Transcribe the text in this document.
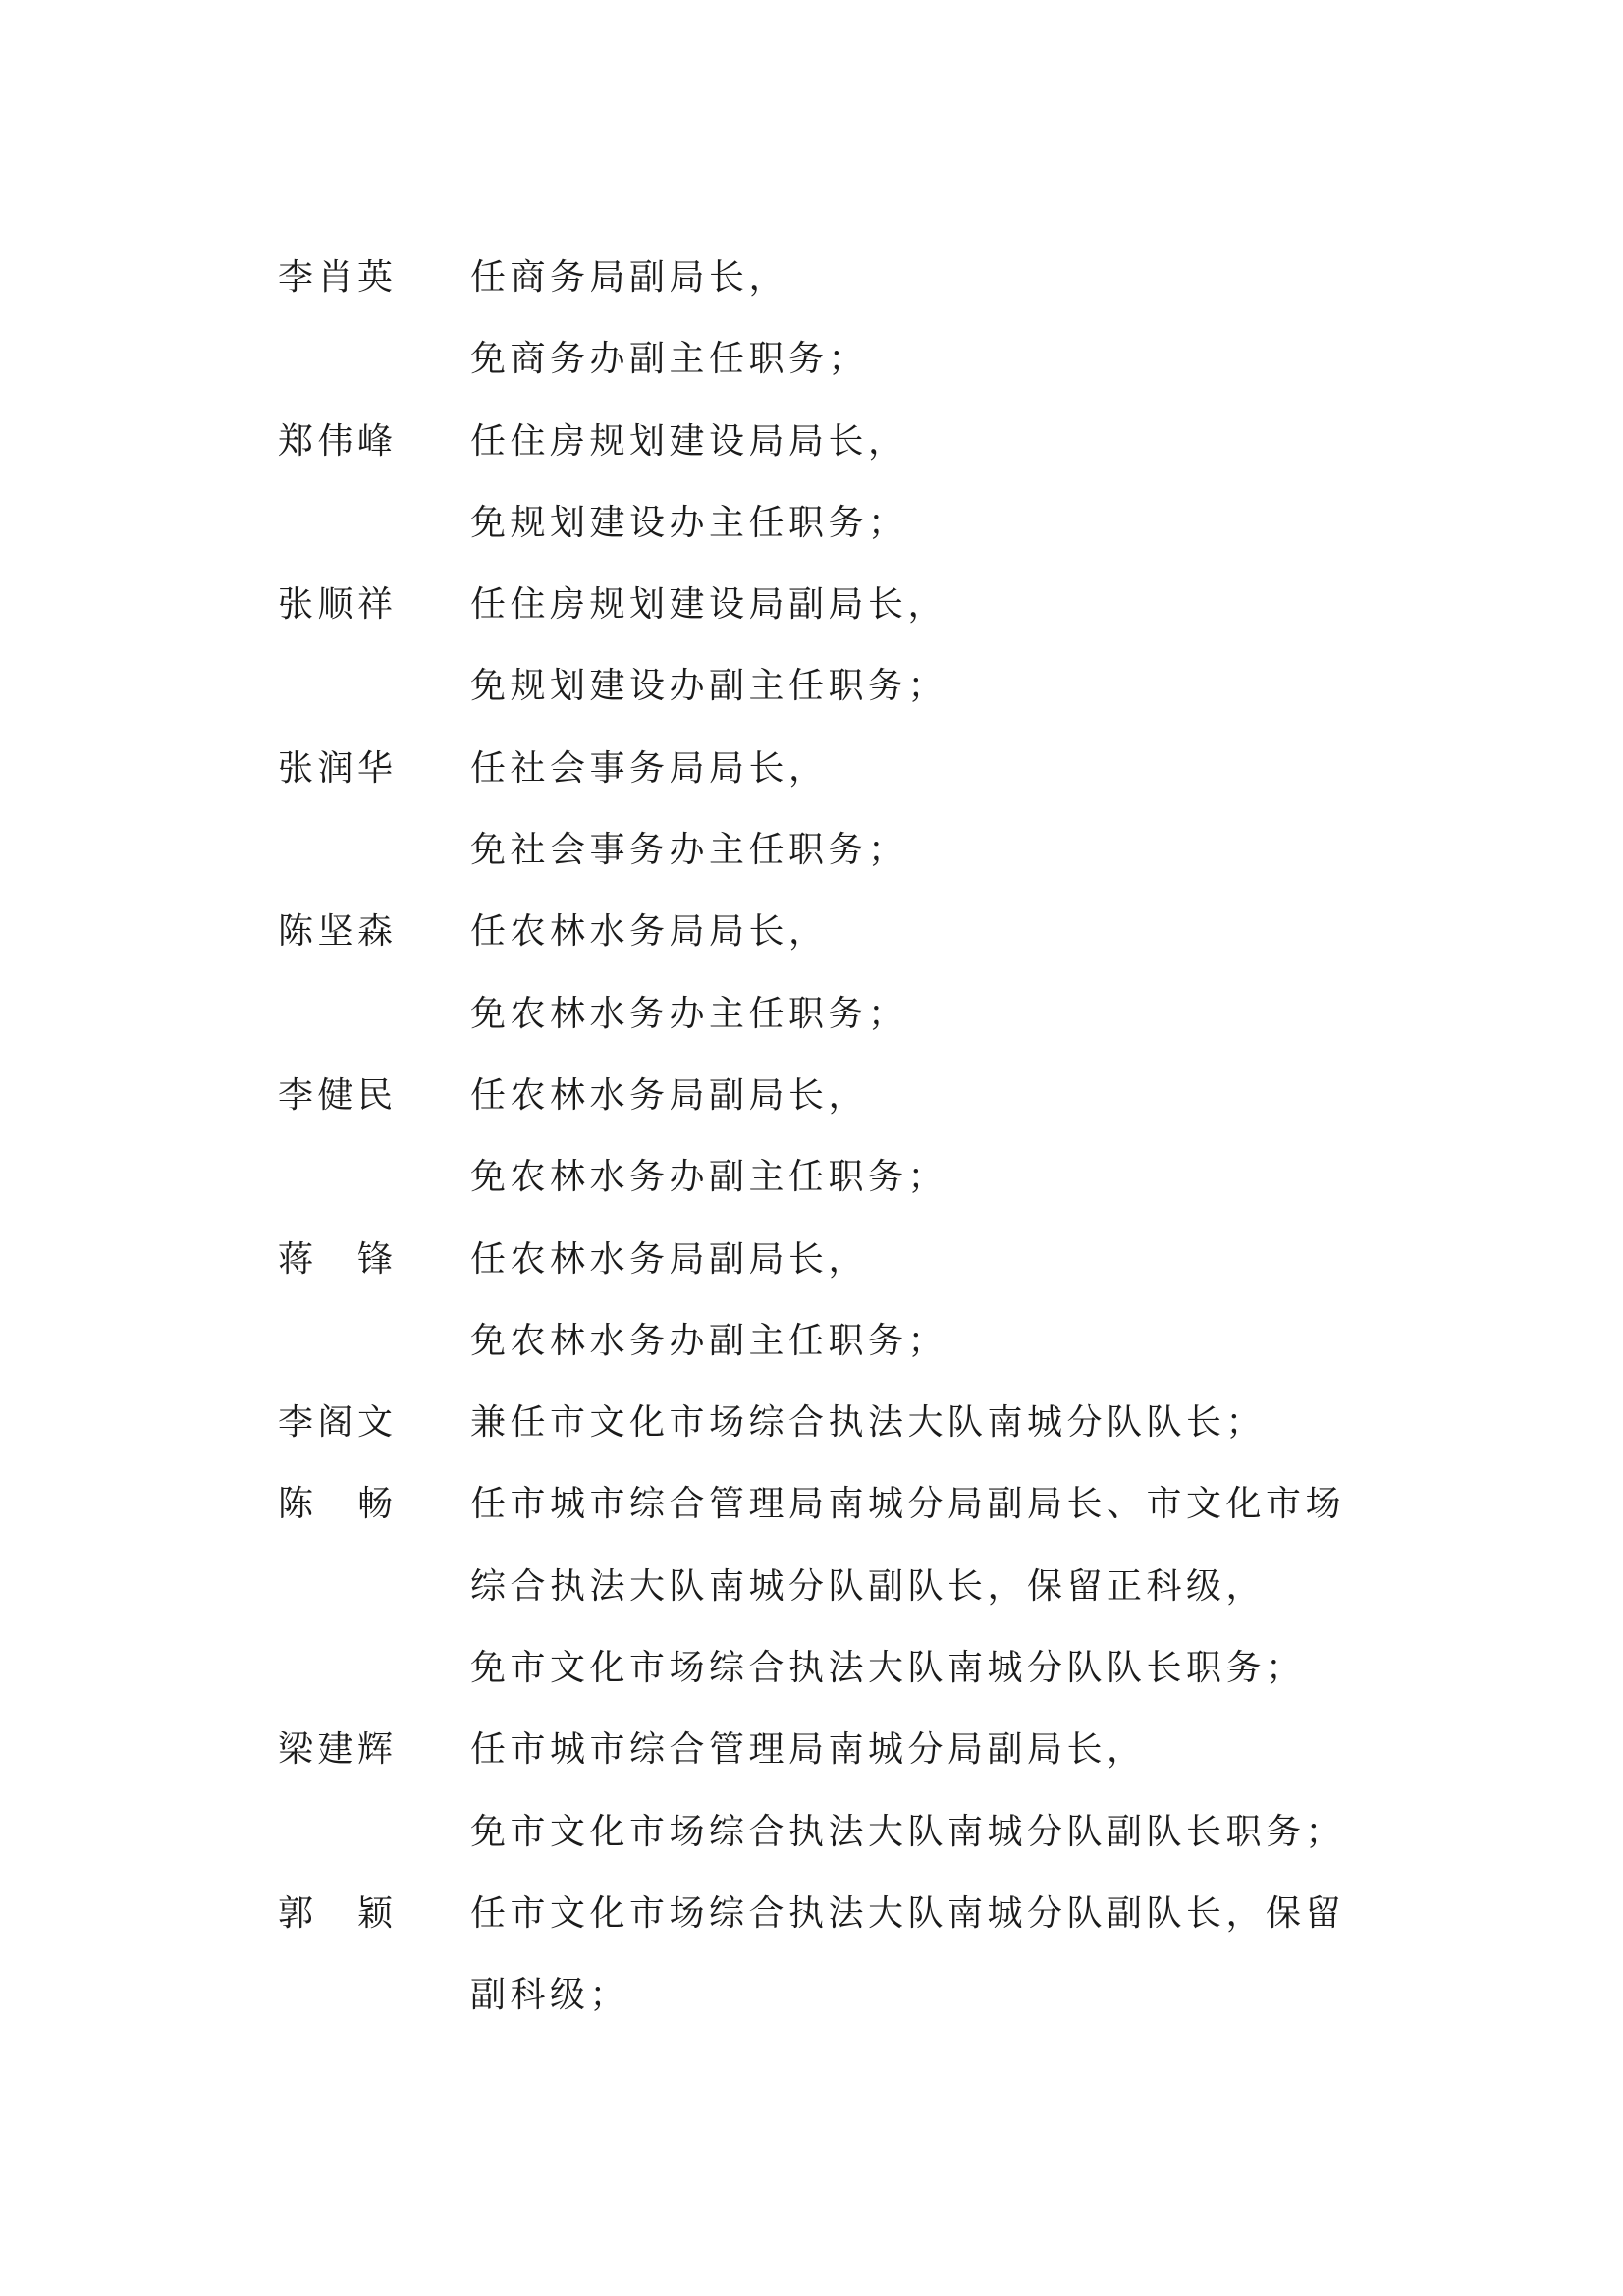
李肖英	任商务局副局长，
免商务办副主任职务；
郑伟峰	任住房规划建设局局长，
免规划建设办主任职务；
张顺祥	任住房规划建设局副局长，
免规划建设办副主任职务；
张润华	任社会事务局局长，
免社会事务办主任职务；
陈坚森	任农林水务局局长，
免农林水务办主任职务；
李健民	任农林水务局副局长，
免农林水务办副主任职务；
蒋　锋	任农林水务局副局长，
免农林水务办副主任职务；
李阁文	兼任市文化市场综合执法大队南城分队队长；
陈　畅	任市城市综合管理局南城分局副局长、市文化市场
综合执法大队南城分队副队长，保留正科级，
免市文化市场综合执法大队南城分队队长职务；
梁建辉	任市城市综合管理局南城分局副局长，
免市文化市场综合执法大队南城分队副队长职务；
郭　颖	任市文化市场综合执法大队南城分队副队长，保留
副科级；
